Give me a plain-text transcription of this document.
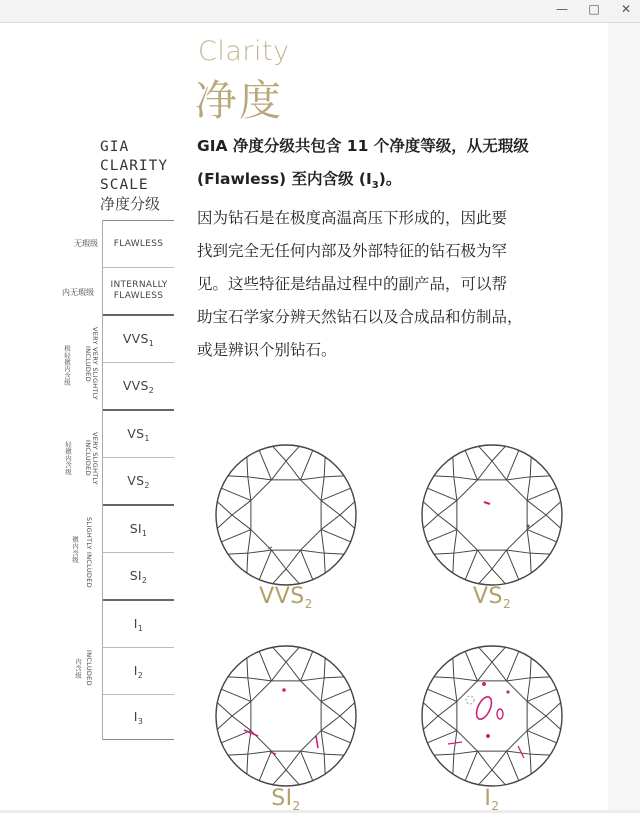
—	□	✕
Clarity
净度
GIA
CLARITY
SCALE
净度分级
FLAWLESS
INTERNALLY FLAWLESS
$VVS_1$
$VVS_2$
$VS_1$
$VS_2$
$SI_1$
$SI_2$
$I_1$
$I_2$
$I_3$
无瑕级
内无瑕级
VERY VERY SLIGHTLY INCLUDED
极轻微内含级
VERY SLIGHTLY INCLUDED
轻微内含级
SLIGHTLY INCLUDED
微内含级
INCLUDED
内含级
GIA 净度分级共包含 11 个净度等级，从无瑕级
(Flawless) 至内含级 $(I_3)$。
因为钻石是在极度高温高压下形成的，因此要
找到完全无任何内部及外部特征的钻石极为罕
见。这些特征是结晶过程中的副产品，可以帮
助宝石学家分辨天然钻石以及合成品和仿制品，
或是辨识个别钻石。
$VVS_2$	$VS_2$
$SI_2$	$I_2$
